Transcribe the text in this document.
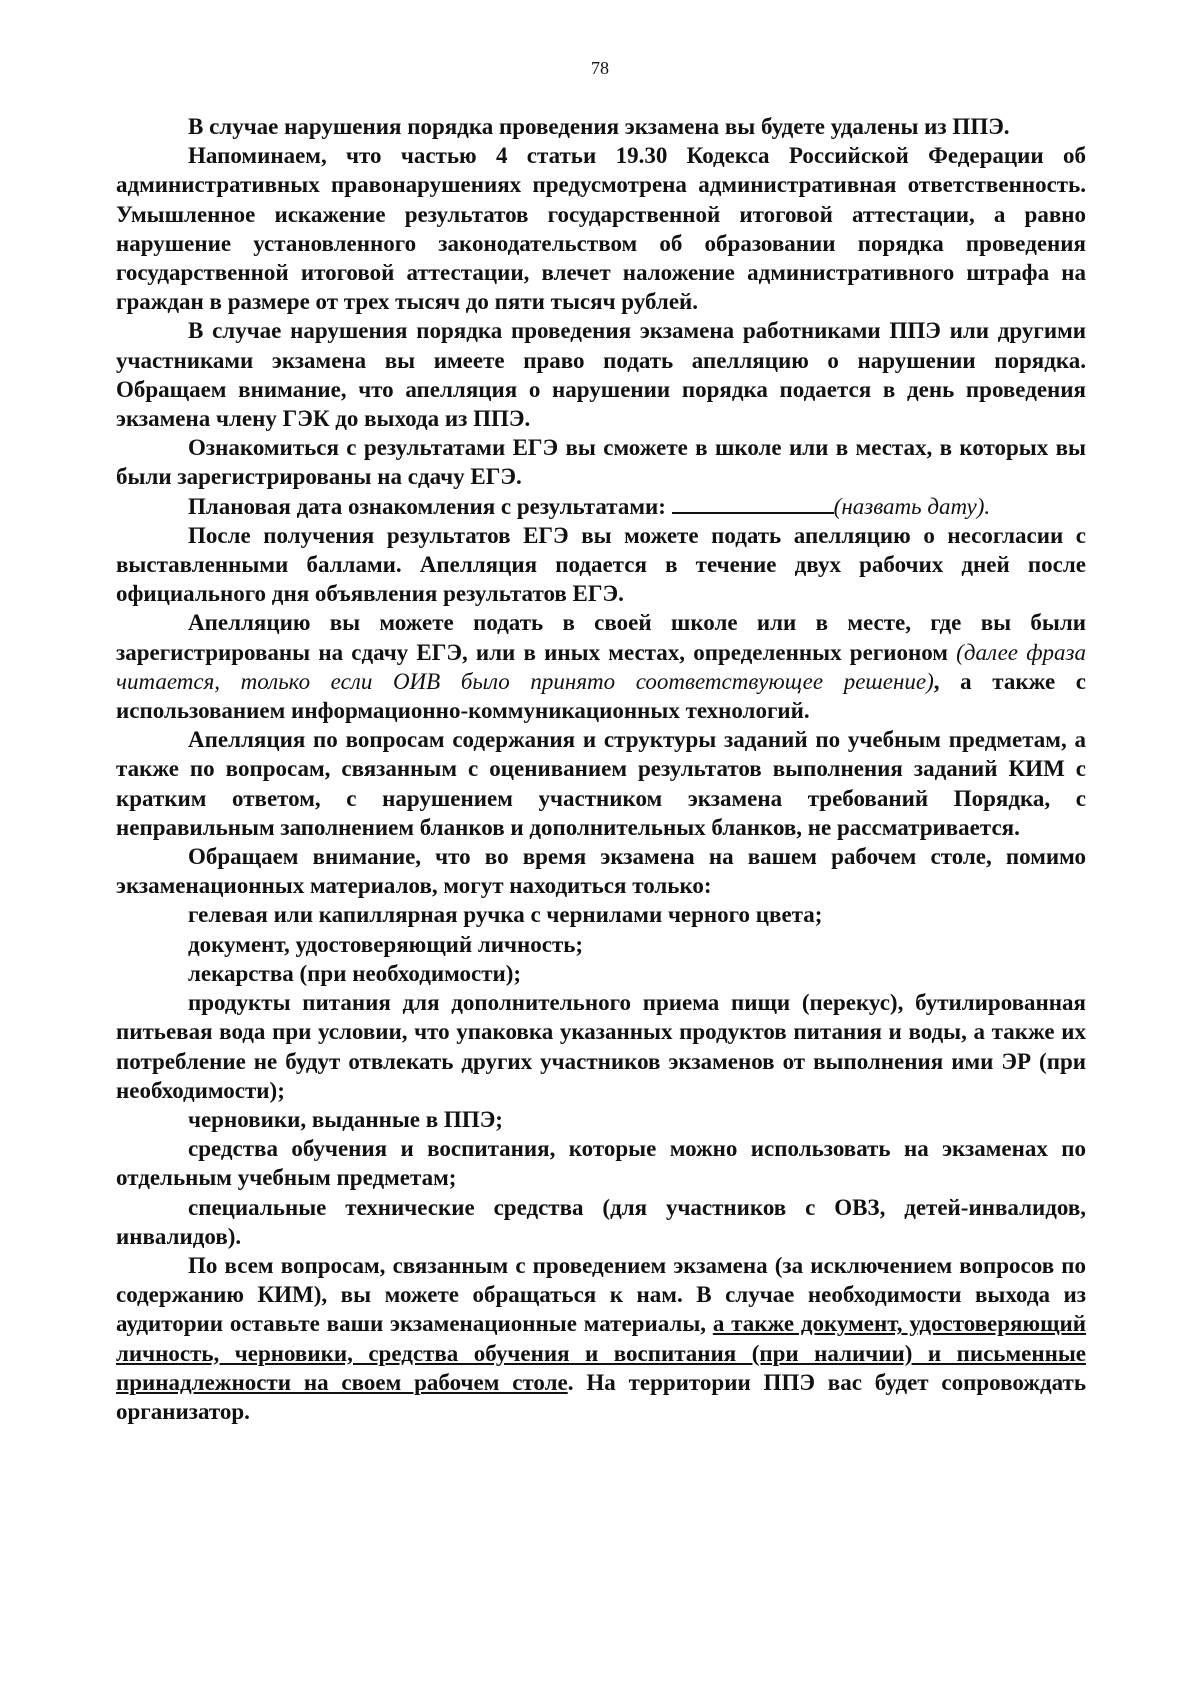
78

В случае нарушения порядка проведения экзамена вы будете удалены из ППЭ.

Напоминаем, что частью 4 статьи 19.30 Кодекса Российской Федерации об административных правонарушениях предусмотрена административная ответственность. Умышленное искажение результатов государственной итоговой аттестации, а равно нарушение установленного законодательством об образовании порядка проведения государственной итоговой аттестации, влечет наложение административного штрафа на граждан в размере от трех тысяч до пяти тысяч рублей.

В случае нарушения порядка проведения экзамена работниками ППЭ или другими участниками экзамена вы имеете право подать апелляцию о нарушении порядка. Обращаем внимание, что апелляция о нарушении порядка подается в день проведения экзамена члену ГЭК до выхода из ППЭ.

Ознакомиться с результатами ЕГЭ вы сможете в школе или в местах, в которых вы были зарегистрированы на сдачу ЕГЭ.

Плановая дата ознакомления с результатами:	(назвать дату).

После получения результатов ЕГЭ вы можете подать апелляцию о несогласии с выставленными баллами. Апелляция подается в течение двух рабочих дней после официального дня объявления результатов ЕГЭ.

Апелляцию вы можете подать в своей школе или в месте, где вы были зарегистрированы на сдачу ЕГЭ, или в иных местах, определенных регионом (далее фраза читается, только если ОИВ было принято соответствующее решение), а также с использованием информационно-коммуникационных технологий.

Апелляция по вопросам содержания и структуры заданий по учебным предметам, а также по вопросам, связанным с оцениванием результатов выполнения заданий КИМ с кратким ответом, с нарушением участником экзамена требований Порядка, с неправильным заполнением бланков и дополнительных бланков, не рассматривается.

Обращаем внимание, что во время экзамена на вашем рабочем столе, помимо экзаменационных материалов, могут находиться только:

гелевая или капиллярная ручка с чернилами черного цвета;

документ, удостоверяющий личность;

лекарства (при необходимости);

продукты питания для дополнительного приема пищи (перекус), бутилированная питьевая вода при условии, что упаковка указанных продуктов питания и воды, а также их потребление не будут отвлекать других участников экзаменов от выполнения ими ЭР (при необходимости);

черновики, выданные в ППЭ;

средства обучения и воспитания, которые можно использовать на экзаменах по отдельным учебным предметам;

специальные технические средства (для участников с ОВЗ, детей-инвалидов, инвалидов).

По всем вопросам, связанным с проведением экзамена (за исключением вопросов по содержанию КИМ), вы можете обращаться к нам. В случае необходимости выхода из аудитории оставьте ваши экзаменационные материалы, а также документ, удостоверяющий личность, черновики, средства обучения и воспитания (при наличии) и письменные принадлежности на своем рабочем столе. На территории ППЭ вас будет сопровождать организатор.
